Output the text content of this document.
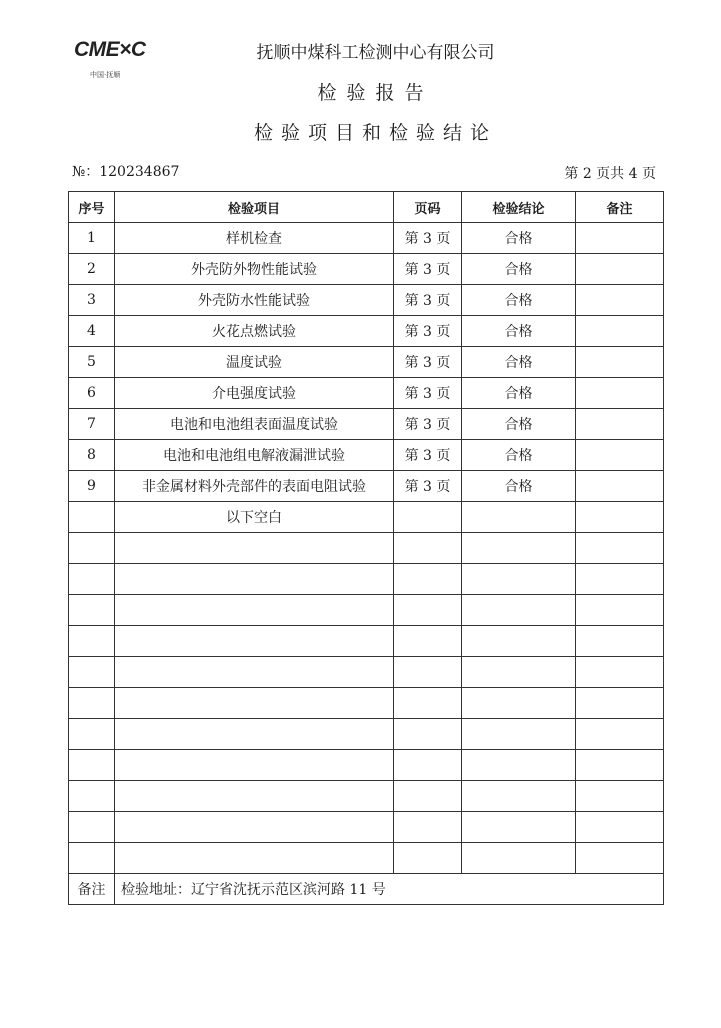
CME×C
中国·抚顺
抚顺中煤科工检测中心有限公司
检验报告
检验项目和检验结论
№：120234867	第 2 页共 4 页
序号	检验项目	页码	检验结论	备注
1	样机检查	第 3 页	合格	
2	外壳防外物性能试验	第 3 页	合格	
3	外壳防水性能试验	第 3 页	合格	
4	火花点燃试验	第 3 页	合格	
5	温度试验	第 3 页	合格	
6	介电强度试验	第 3 页	合格	
7	电池和电池组表面温度试验	第 3 页	合格	
8	电池和电池组电解液漏泄试验	第 3 页	合格	
9	非金属材料外壳部件的表面电阻试验	第 3 页	合格	
	以下空白			

备注	检验地址：辽宁省沈抚示范区滨河路 11 号			
